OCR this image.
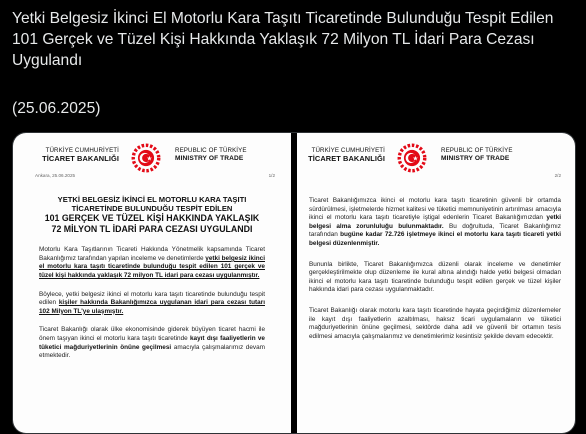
Yetki Belgesiz İkinci El Motorlu Kara Taşıtı Ticaretinde Bulunduğu Tespit Edilen 101 Gerçek ve Tüzel Kişi Hakkında Yaklaşık 72 Milyon TL İdari Para Cezası Uygulandı

(25.06.2025)
TÜRKİYE CUMHURİYETİ
TİCARET BAKANLIĞI
REPUBLIC OF TÜRKİYE
MINISTRY OF TRADE
Ankara, 25.06.2025	1/2
YETKİ BELGESİZ İKİNCİ EL MOTORLU KARA TAŞITI
TİCARETİNDE BULUNDUĞU TESPİT EDİLEN

101 GERÇEK VE TÜZEL KİŞİ HAKKINDA YAKLAŞIK
72 MİLYON TL İDARİ PARA CEZASI UYGULANDI

Motorlu Kara Taşıtlarının Ticareti Hakkında Yönetmelik kapsamında Ticaret Bakanlığımız tarafından yapılan inceleme ve denetimlerde yetki belgesiz ikinci el motorlu kara taşıtı ticaretinde bulunduğu tespit edilen 101 gerçek ve tüzel kişi hakkında yaklaşık 72 milyon TL idari para cezası uygulanmıştır.

Böylece, yetki belgesiz ikinci el motorlu kara taşıtı ticaretinde bulunduğu tespit edilen kişiler hakkında Bakanlığımızca uygulanan idari para cezası tutarı 102 Milyon TL'ye ulaşmıştır.

Ticaret Bakanlığı olarak ülke ekonomisinde giderek büyüyen ticaret hacmi ile önem taşıyan ikinci el motorlu kara taşıtı ticaretinde kayıt dışı faaliyetlerin ve tüketici mağduriyetlerinin önüne geçilmesi amacıyla çalışmalarımız devam etmektedir.

TÜRKİYE CUMHURİYETİ
TİCARET BAKANLIĞI
REPUBLIC OF TÜRKİYE
MINISTRY OF TRADE
2/2

Ticaret Bakanlığımızca ikinci el motorlu kara taşıtı ticaretinin güvenli bir ortamda sürdürülmesi, işletmelerde hizmet kalitesi ve tüketici memnuniyetinin artırılması amacıyla ikinci el motorlu kara taşıtı ticaretiyle iştigal edenlerin Ticaret Bakanlığımızdan yetki belgesi alma zorunluluğu bulunmaktadır. Bu doğrultuda, Ticaret Bakanlığımız tarafından bugüne kadar 72.726 işletmeye ikinci el motorlu kara taşıtı ticareti yetki belgesi düzenlenmiştir.

Bununla birlikte, Ticaret Bakanlığımızca düzenli olarak inceleme ve denetimler gerçekleştirilmekte olup düzenleme ile kural altına alındığı halde yetki belgesi olmadan ikinci el motorlu kara taşıtı ticaretinde bulunduğu tespit edilen gerçek ve tüzel kişiler hakkında idari para cezası uygulanmaktadır.

Ticaret Bakanlığı olarak motorlu kara taşıtı ticaretinde hayata geçirdiğimiz düzenlemeler ile kayıt dışı faaliyetlerin azaltılması, haksız ticari uygulamaların ve tüketici mağduriyetlerinin önüne geçilmesi, sektörde daha adil ve güvenli bir ortamın tesis edilmesi amacıyla çalışmalarımız ve denetimlerimiz kesintisiz şekilde devam edecektir.
